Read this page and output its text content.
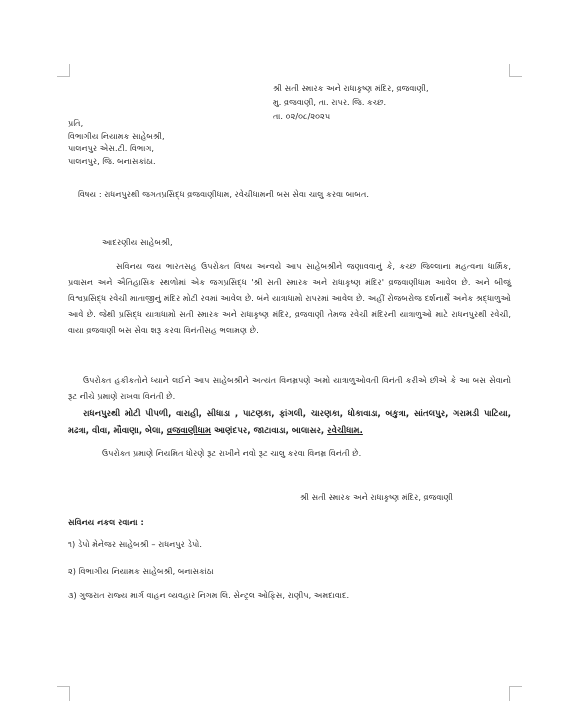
શ્રી સતી સ્મારક અને રાધાકૃષ્ણ મંદિર, વ્રજવાણી,
મુ. વ્રજવાણી, તા. રાપર. જિ. કચ્છ.
તા. ૦૨/૦૮/૨૦૨૫
પ્રતિ,
વિભાગીય નિયામક સાહેબશ્રી,
પાલનપુર એસ.ટી. વિભાગ,
પાલનપુર, જિ. બનાસકાંઠા.
વિષય : રાધનપુરથી જગતપ્રસિદ્ધ વ્રજવાણીધામ, રવેચીધામની બસ સેવા ચાલુ કરવા બાબત.
આદરણીય સાહેબશ્રી,
સવિનય જય ભારતસહ ઉપરોક્ત વિષય અન્વયે આપ સાહેબશ્રીને જણાવવાનું કે, કચ્છ જિલ્લાના મહત્વના ધાર્મિક, પ્રવાસન અને ઐતિહાસિક સ્થળોમાં એક જગપ્રસિદ્ધ 'શ્રી સતી સ્મારક અને રાધાકૃષ્ણ મંદિર' વ્રજવાણીધામ આવેલ છે. અને બીજું વિશ્વપ્રસિદ્ધ રવેચી માતાજીનું મંદિર મોટી રવમાં આવેલ છે. બંને યાત્રાધામો રાપરમાં આવેલ છે. અહીં રોજબરોજ દર્શનાર્થે અનેક શ્રદ્ધાળુઓ આવે છે. જેથી પ્રસિદ્ધ યાત્રાધામો સતી સ્મારક અને રાધાકૃષ્ણ મંદિર, વ્રજવાણી તેમજ રવેચી મંદિરની યાત્રાળુઓ માટે રાધનપુરથી રવેચી, વાયા વ્રજવાણી બસ સેવા શરૂ કરવા વિનંતીસહ ભલામણ છે.
ઉપરોક્ત હકીકતોને ધ્યાને લઈને આપ સાહેબશ્રીને અત્યંત વિનમ્રપણે અમો યાત્રાળુઓવતી વિનંતી કરીએ છીએ કે આ બસ સેવાનો રૂટ નીચે પ્રમાણે રાખવા વિનંતી છે.
રાધનપુરથી મોટી પીપળી, વારાહી, સીધાડા , પાટણકા, ફાંગલી, ચારણકા, ધોકાવાડા, બકુત્રા, સાંતલપુર, ગરામડી પાટિયા, મઢત્રા, વીવા, મૌવાણા, બેલા, વ્રજવાણીધામ આણંદપર, જાટાવાડા, બાલાસર, રવેચીધામ.
ઉપરોક્ત પ્રમાણે નિયમિત ધોરણે રૂટ રાખીને નવો રૂટ ચાલુ કરવા વિનમ્ર વિનંતી છે.
શ્રી સતી સ્મારક અને રાધાકૃષ્ણ મંદિર, વ્રજવાણી
સવિનય નકલ રવાના :
૧) ડેપો મેનેજર સાહેબશ્રી – રાધનપુર ડેપો.
૨) વિભાગીય નિયામક સાહેબશ્રી, બનાસકાંઠા
૩) ગુજરાત રાજ્ય માર્ગ વાહન વ્યવહાર નિગમ લિ. સેન્ટ્રલ ઓફિસ, રાણીપ, અમદાવાદ.
